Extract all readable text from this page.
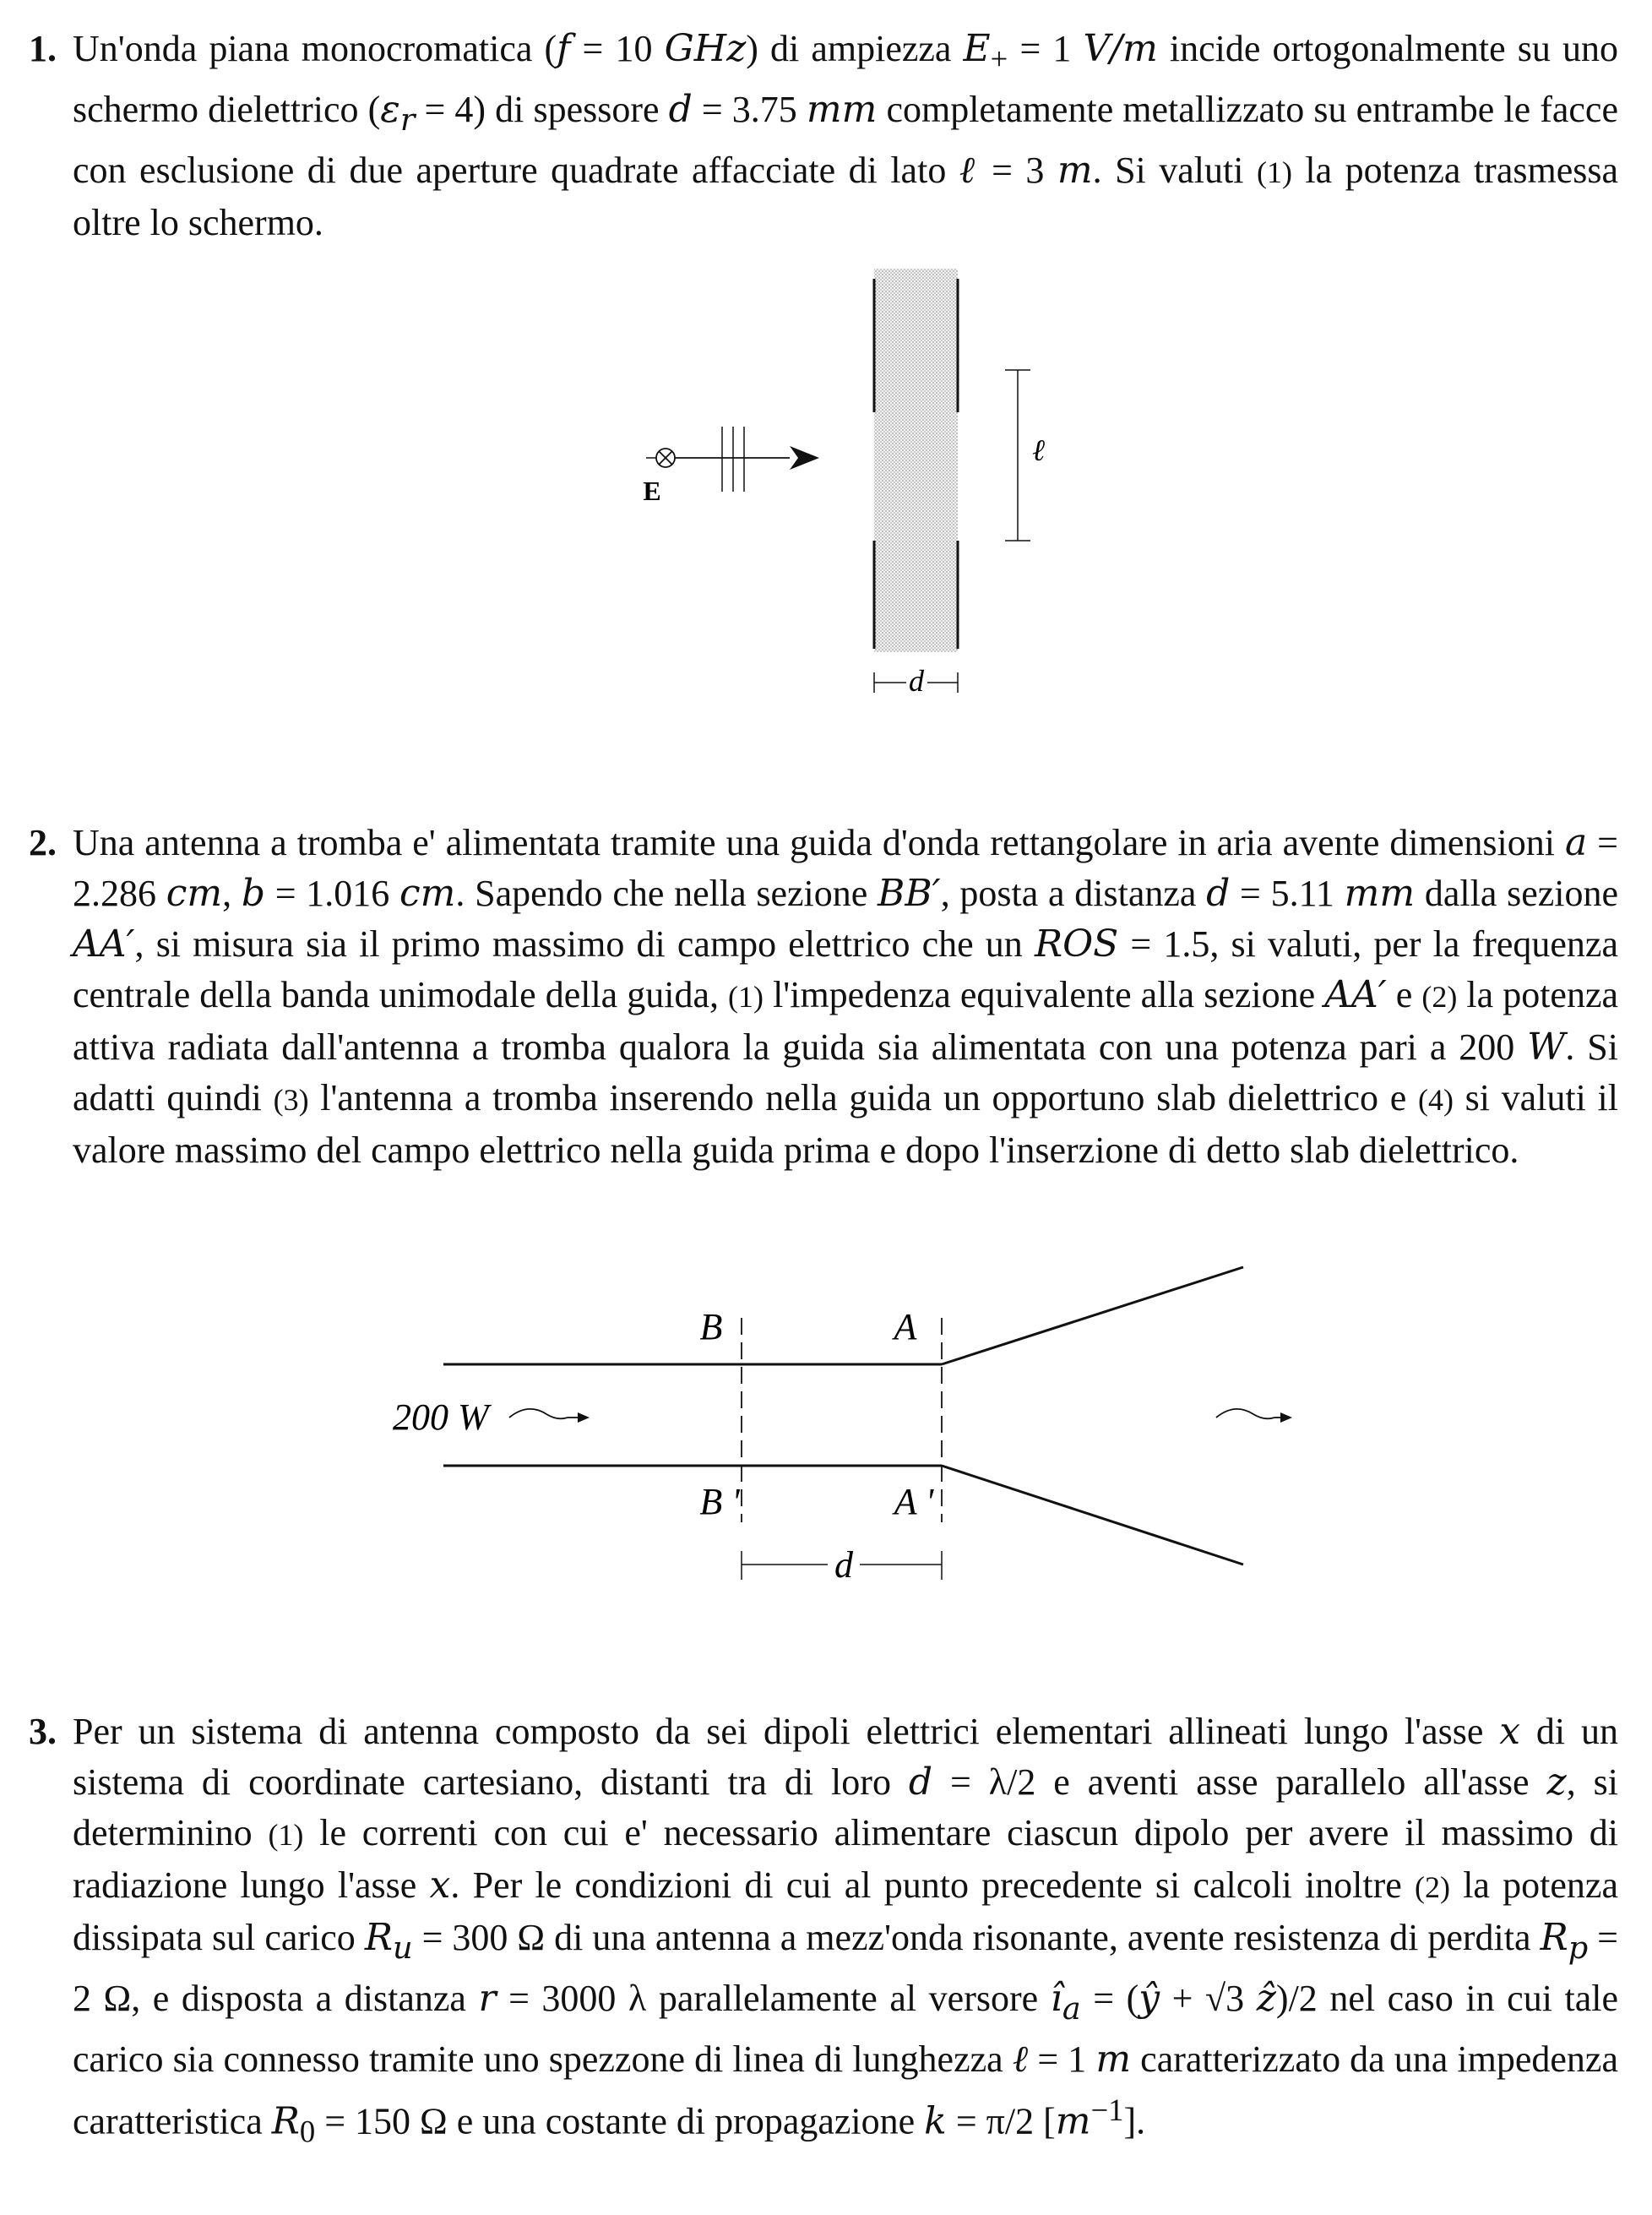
1. Un'onda piana monocromatica (f = 10 GHz) di ampiezza $E_+ = 1$ V/m incide ortogonalmente su uno schermo dielettrico $(\varepsilon_r = 4)$ di spessore d = 3.75 mm completamente metallizzato su entrambe le facce con esclusione di due aperture quadrate affacciate di lato ℓ = 3 m. Si valuti (1) la potenza trasmessa oltre lo schermo.

d
ℓ
E
2. Una antenna a tromba e' alimentata tramite una guida d'onda rettangolare in aria avente dimensioni a = 2.286 cm, b = 1.016 cm. Sapendo che nella sezione BB′, posta a distanza d = 5.11 mm dalla sezione AA′, si misura sia il primo massimo di campo elettrico che un ROS = 1.5, si valuti, per la frequenza centrale della banda unimodale della guida, (1) l'impedenza equivalente alla sezione AA′ e (2) la potenza attiva radiata dall'antenna a tromba qualora la guida sia alimentata con una potenza pari a 200 W. Si adatti quindi (3) l'antenna a tromba inserendo nella guida un opportuno slab dielettrico e (4) si valuti il valore massimo del campo elettrico nella guida prima e dopo l'inserzione di detto slab dielettrico.

B
B '
A
A '
d
200 W
3. Per un sistema di antenna composto da sei dipoli elettrici elementari allineati lungo l'asse x di un sistema di coordinate cartesiano, distanti tra di loro d = λ/2 e aventi asse parallelo all'asse z, si determinino (1) le correnti con cui e' necessario alimentare ciascun dipolo per avere il massimo di radiazione lungo l'asse x. Per le condizioni di cui al punto precedente si calcoli inoltre (2) la potenza dissipata sul carico $R_u = 300$ Ω di una antenna a mezz'onda risonante, avente resistenza di perdita $R_p = 2$ Ω, e disposta a distanza r = 3000 λ parallelamente al versore $î_a$ = (ŷ + √3 ẑ)/2 nel caso in cui tale carico sia connesso tramite uno spezzone di linea di lunghezza ℓ = 1 m caratterizzato da una impedenza caratteristica $R_0 = 150$ Ω e una costante di propagazione k = π/2 $[m^{-1}]$.
